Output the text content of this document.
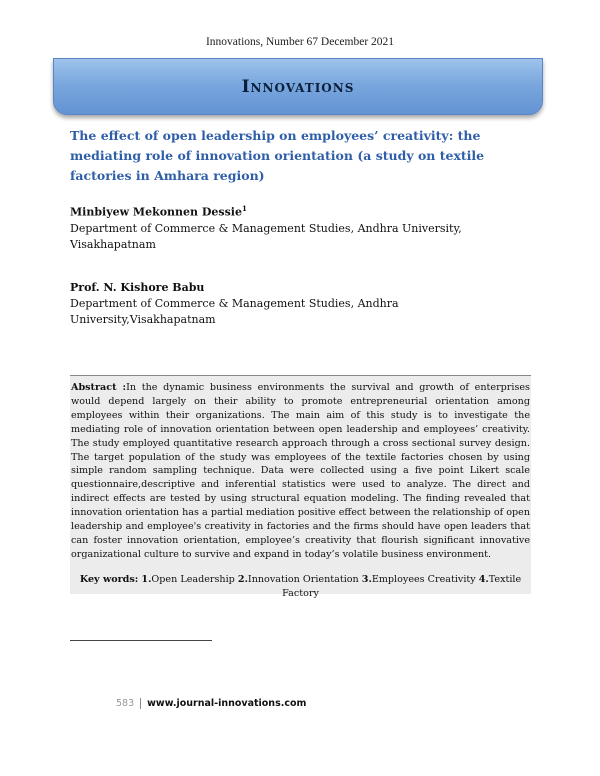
Innovations, Number 67 December 2021
Innovations
The effect of open leadership on employees’ creativity: the mediating role of innovation orientation (a study on textile factories in Amhara region)
Minbiyew Mekonnen Dessie$^1$
Department of Commerce & Management Studies, Andhra University,
Visakhapatnam
Prof. N. Kishore Babu
Department of Commerce & Management Studies, Andhra
University,Visakhapatnam
Abstract :In the dynamic business environments the survival and growth of enterprises would depend largely on their ability to promote entrepreneurial orientation among employees within their organizations. The main aim of this study is to investigate the mediating role of innovation orientation between open leadership and employees’ creativity. The study employed quantitative research approach through a cross sectional survey design. The target population of the study was employees of the textile factories chosen by using simple random sampling technique. Data were collected using a five point Likert scale questionnaire,descriptive and inferential statistics were used to analyze. The direct and indirect effects are tested by using structural equation modeling. The finding revealed that innovation orientation has a partial mediation positive effect between the relationship of open leadership and employee's creativity in factories and the firms should have open leaders that can foster innovation orientation, employee’s creativity that flourish significant innovative organizational culture to survive and expand in today’s volatile business environment.
Key words: 1.Open Leadership 2.Innovation Orientation 3.Employees Creativity 4.Textile Factory
583	www.journal-innovations.com
